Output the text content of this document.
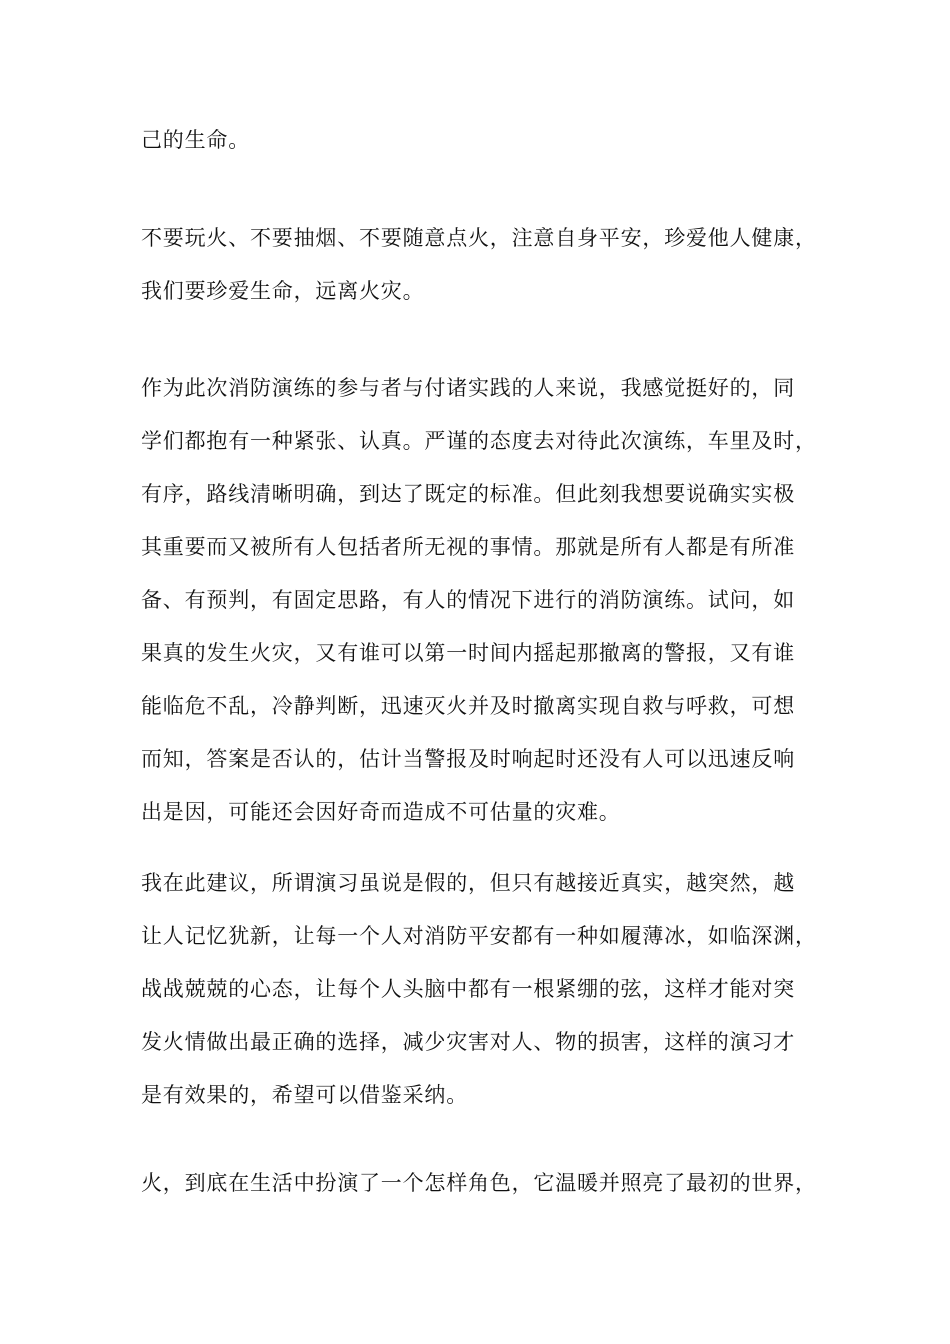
己的生命。
不要玩火、不要抽烟、不要随意点火，注意自身平安，珍爱他人健康，
我们要珍爱生命，远离火灾。
作为此次消防演练的参与者与付诸实践的人来说，我感觉挺好的，同
学们都抱有一种紧张、认真。严谨的态度去对待此次演练，车里及时，
有序，路线清晰明确，到达了既定的标准。但此刻我想要说确实实极
其重要而又被所有人包括者所无视的事情。那就是所有人都是有所准
备、有预判，有固定思路，有人的情况下进行的消防演练。试问，如
果真的发生火灾，又有谁可以第一时间内摇起那撤离的警报，又有谁
能临危不乱，冷静判断，迅速灭火并及时撤离实现自救与呼救，可想
而知，答案是否认的，估计当警报及时响起时还没有人可以迅速反响
出是因，可能还会因好奇而造成不可估量的灾难。
我在此建议，所谓演习虽说是假的，但只有越接近真实，越突然，越
让人记忆犹新，让每一个人对消防平安都有一种如履薄冰，如临深渊，
战战兢兢的心态，让每个人头脑中都有一根紧绷的弦，这样才能对突
发火情做出最正确的选择，减少灾害对人、物的损害，这样的演习才
是有效果的，希望可以借鉴采纳。
火，到底在生活中扮演了一个怎样角色，它温暖并照亮了最初的世界，
